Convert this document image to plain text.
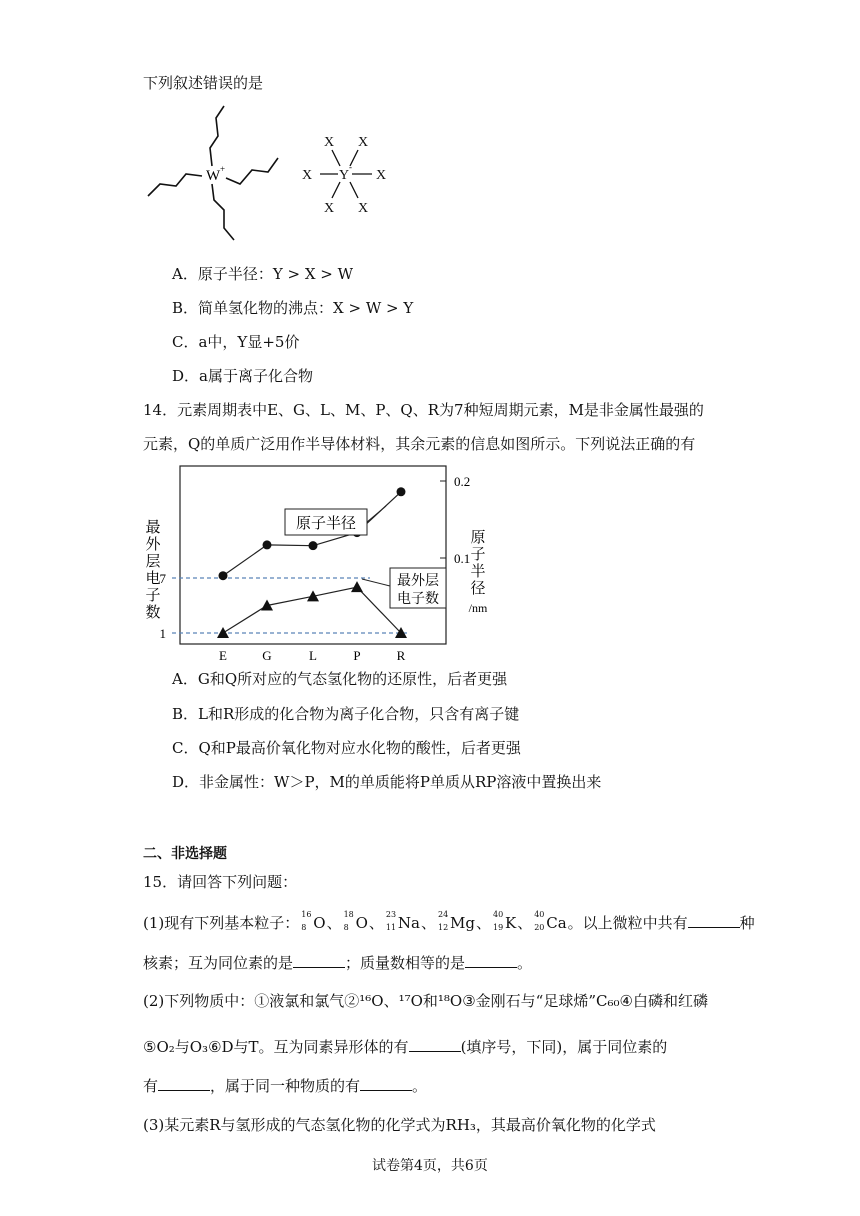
下列叙述错误的是
W +	X	X
X X
X X
Y
-
A．原子半径：Y > X > W
B．简单氢化物的沸点：X > W > Y
C．a中，Y显+5价
D．a属于离子化合物
14．元素周期表中E、G、L、M、P、Q、R为7种短周期元素，M是非金属性最强的
元素，Q的单质广泛用作半导体材料，其余元素的信息如图所示。下列说法正确的有
0.2
0.1
7
1
E	G	L	P	R
最
外
层
电
子
数
原
子
半
径
/nm
原子半径
最外层
电子数
A．G和Q所对应的气态氢化物的还原性，后者更强
B．L和R形成的化合物为离子化合物，只含有离子键
C．Q和P最高价氧化物对应水化物的酸性，后者更强
D．非金属性：W＞P，M的单质能将P单质从RP溶液中置换出来
二、非选择题
15．请回答下列问题：
(1)现有下列基本粒子： 16
8 O、 18
8 O、 23
11 Na、 24
12 Mg、 40
19 K、 40
20 Ca。以上微粒中共有	种
核素；互为同位素的是	；质量数相等的是	。
(2)下列物质中：①液氯和氯气②¹⁶O、¹⁷O和¹⁸O③金刚石与“足球烯”C₆₀④白磷和红磷
⑤O₂与O₃⑥D与T。互为同素异形体的有	(填序号，下同)，属于同位素的
有	，属于同一种物质的有	。
(3)某元素R与氢形成的气态氢化物的化学式为RH₃，其最高价氧化物的化学式
试卷第4页，共6页
